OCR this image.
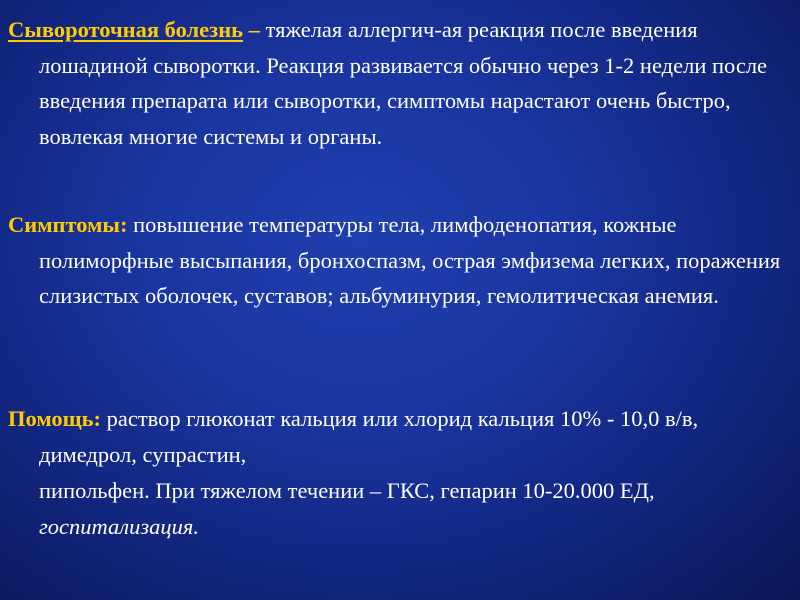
Сывороточная болезнь – тяжелая аллергич-ая реакция после введения лошадиной сыворотки. Реакция развивается обычно через 1-2 недели после введения препарата или сыворотки, симптомы нарастают очень быстро, вовлекая многие системы и органы.

Симптомы: повышение температуры тела, лимфоденопатия, кожные полиморфные высыпания, бронхоспазм, острая эмфизема легких, поражения слизистых оболочек, суставов; альбуминурия, гемолитическая анемия.

Помощь: раствор глюконат кальция или хлорид кальция 10% - 10,0 в/в, димедрол, супрастин,

пипольфен. При тяжелом течении – ГКС, гепарин 10-20.000 ЕД, госпитализация.
